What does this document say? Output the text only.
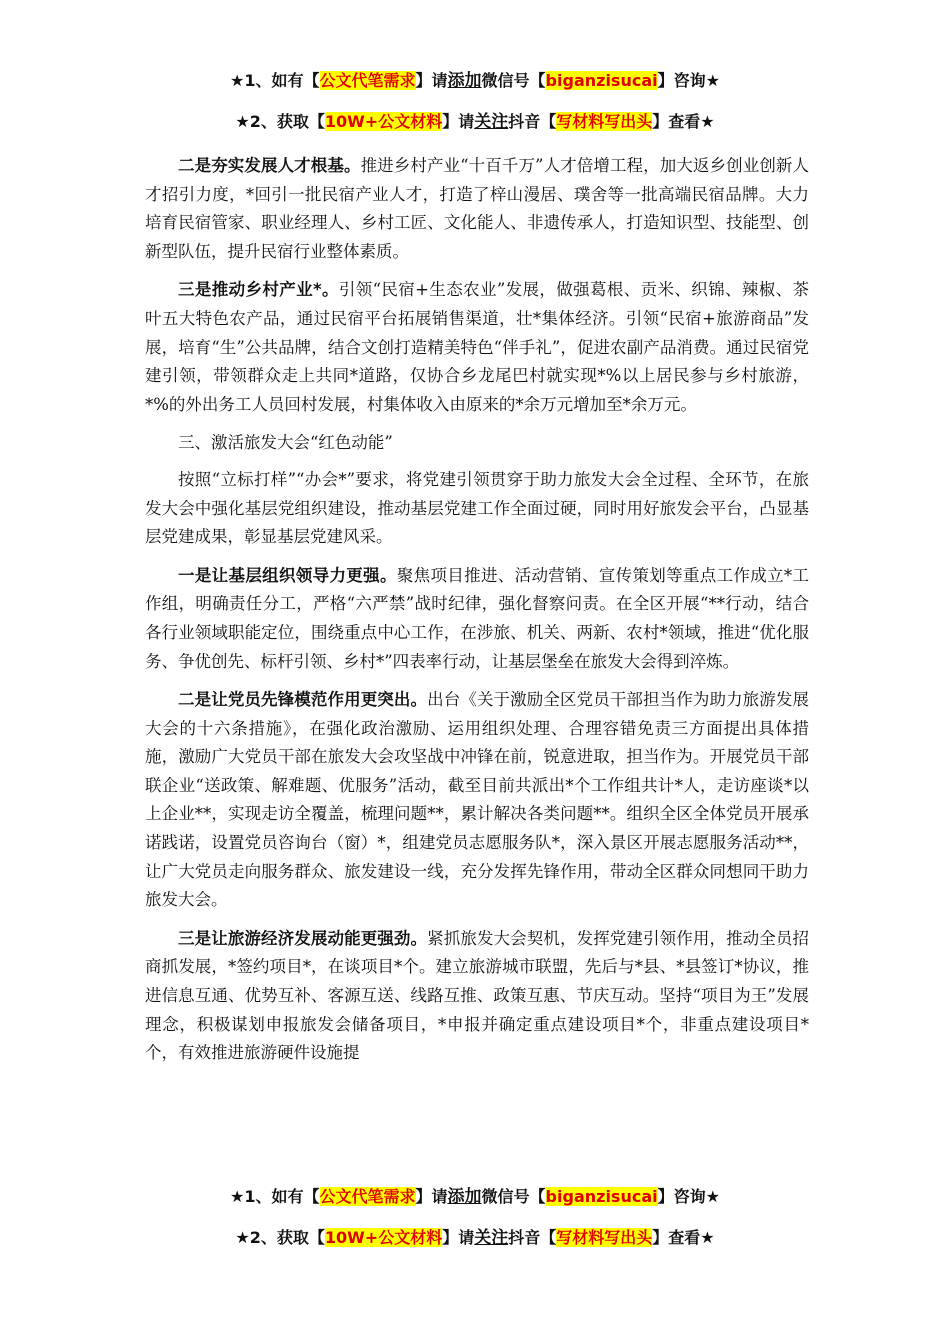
★1、如有【公文代笔需求】请添加微信号【biganzisucai】咨询★
★2、获取【10W+公文材料】请关注抖音【写材料写出头】查看★

二是夯实发展人才根基。推进乡村产业“十百千万”人才倍增工程，加大返乡创业创新人才招引力度，*回引一批民宿产业人才，打造了梓山漫居、璞舍等一批高端民宿品牌。大力培育民宿管家、职业经理人、乡村工匠、文化能人、非遗传承人，打造知识型、技能型、创新型队伍，提升民宿行业整体素质。

三是推动乡村产业*。引领“民宿+生态农业”发展，做强葛根、贡米、织锦、辣椒、茶叶五大特色农产品，通过民宿平台拓展销售渠道，壮*集体经济。引领“民宿+旅游商品”发展，培育“生”公共品牌，结合文创打造精美特色“伴手礼”，促进农副产品消费。通过民宿党建引领，带领群众走上共同*道路，仅协合乡龙尾巴村就实现*%以上居民参与乡村旅游，*%的外出务工人员回村发展，村集体收入由原来的*余万元增加至*余万元。

三、激活旅发大会“红色动能”

按照“立标打样”“办会*”要求，将党建引领贯穿于助力旅发大会全过程、全环节，在旅发大会中强化基层党组织建设，推动基层党建工作全面过硬，同时用好旅发会平台，凸显基层党建成果，彰显基层党建风采。

一是让基层组织领导力更强。聚焦项目推进、活动营销、宣传策划等重点工作成立*工作组，明确责任分工，严格“六严禁”战时纪律，强化督察问责。在全区开展“**行动，结合各行业领域职能定位，围绕重点中心工作，在涉旅、机关、两新、农村*领域，推进“优化服务、争优创先、标杆引领、乡村*”四表率行动，让基层堡垒在旅发大会得到淬炼。

二是让党员先锋模范作用更突出。出台《关于激励全区党员干部担当作为助力旅游发展大会的十六条措施》，在强化政治激励、运用组织处理、合理容错免责三方面提出具体措施，激励广大党员干部在旅发大会攻坚战中冲锋在前，锐意进取，担当作为。开展党员干部联企业“送政策、解难题、优服务”活动，截至目前共派出*个工作组共计*人，走访座谈*以上企业**，实现走访全覆盖，梳理问题**，累计解决各类问题**。组织全区全体党员开展承诺践诺，设置党员咨询台（窗）*，组建党员志愿服务队*，深入景区开展志愿服务活动**，让广大党员走向服务群众、旅发建设一线，充分发挥先锋作用，带动全区群众同想同干助力旅发大会。

三是让旅游经济发展动能更强劲。紧抓旅发大会契机，发挥党建引领作用，推动全员招商抓发展，*签约项目*，在谈项目*个。建立旅游城市联盟，先后与*县、*县签订*协议，推进信息互通、优势互补、客源互送、线路互推、政策互惠、节庆互动。坚持“项目为王”发展理念，积极谋划申报旅发会储备项目，*申报并确定重点建设项目*个，非重点建设项目*个，有效推进旅游硬件设施提

★1、如有【公文代笔需求】请添加微信号【biganzisucai】咨询★
★2、获取【10W+公文材料】请关注抖音【写材料写出头】查看★
